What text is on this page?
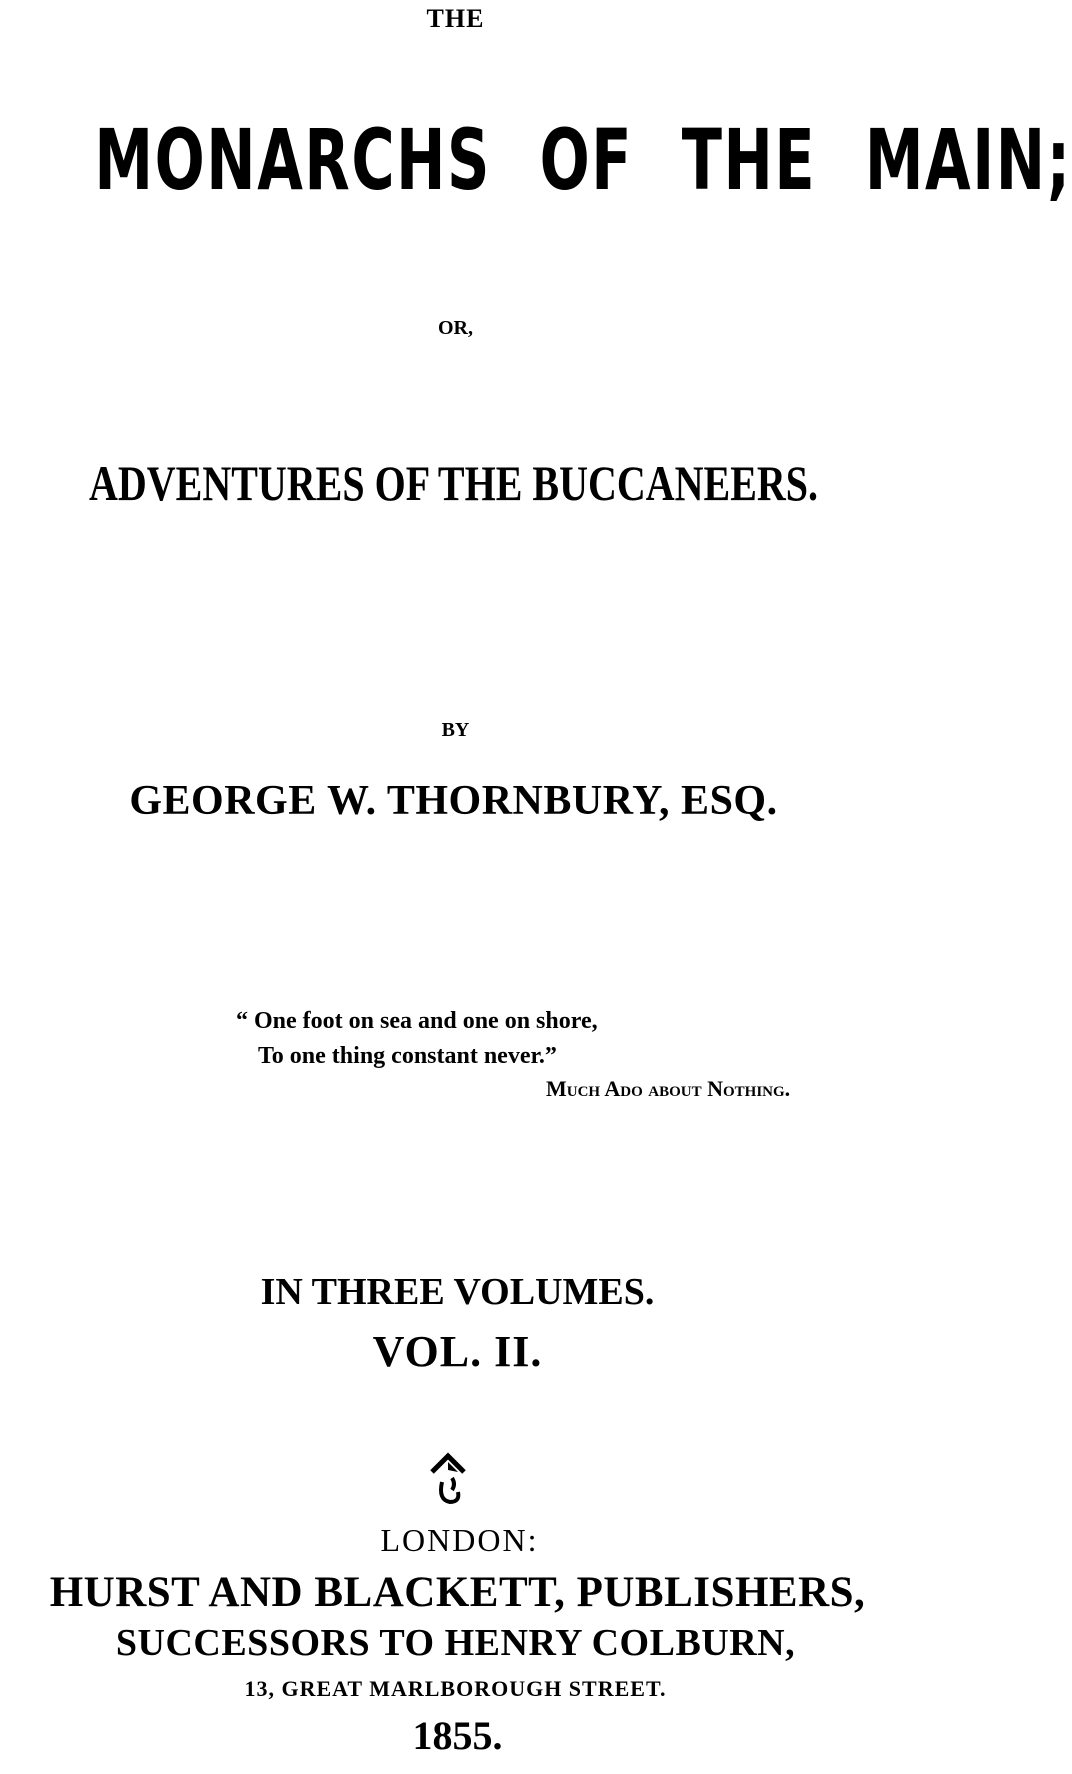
THE
MONARCHS OF THE MAIN;
OR,
ADVENTURES OF THE BUCCANEERS.
BY
GEORGE W. THORNBURY, ESQ.
“ One foot on sea and one on shore,
To one thing constant never.”
Much Ado about Nothing.
IN THREE VOLUMES.
VOL. II.
LONDON:
HURST AND BLACKETT, PUBLISHERS,
SUCCESSORS TO HENRY COLBURN,
13, GREAT MARLBOROUGH STREET.
1855.
